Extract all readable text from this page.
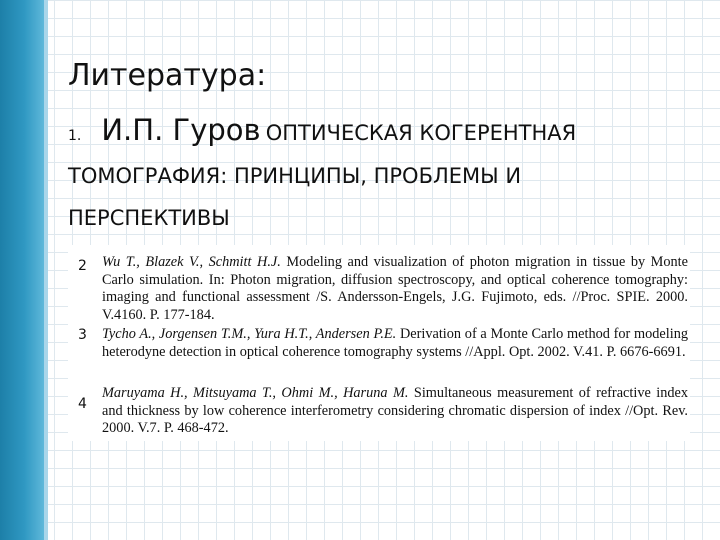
Литература:
1. И.П. Гуров ОПТИЧЕСКАЯ КОГЕРЕНТНАЯ ТОМОГРАФИЯ: ПРИНЦИПЫ, ПРОБЛЕМЫ И ПЕРСПЕКТИВЫ
2 Wu T., Blazek V., Schmitt H.J. Modeling and visualization of photon migration in tissue by Monte Carlo simulation. In: Photon migration, diffusion spectroscopy, and optical coherence tomography: imaging and functional assessment /S. Andersson-Engels, J.G. Fujimoto, eds. //Proc. SPIE. 2000. V.4160. P. 177-184.
3 Tycho A., Jorgensen T.M., Yura H.T., Andersen P.E. Derivation of a Monte Carlo method for modeling heterodyne detection in optical coherence tomography systems //Appl. Opt. 2002. V.41. P. 6676-6691.
4
Maruyama H., Mitsuyama T., Ohmi M., Haruna M. Simultaneous measurement of refractive index and thickness by low coherence interferometry considering chromatic dispersion of index //Opt. Rev. 2000. V.7. P. 468-472.
